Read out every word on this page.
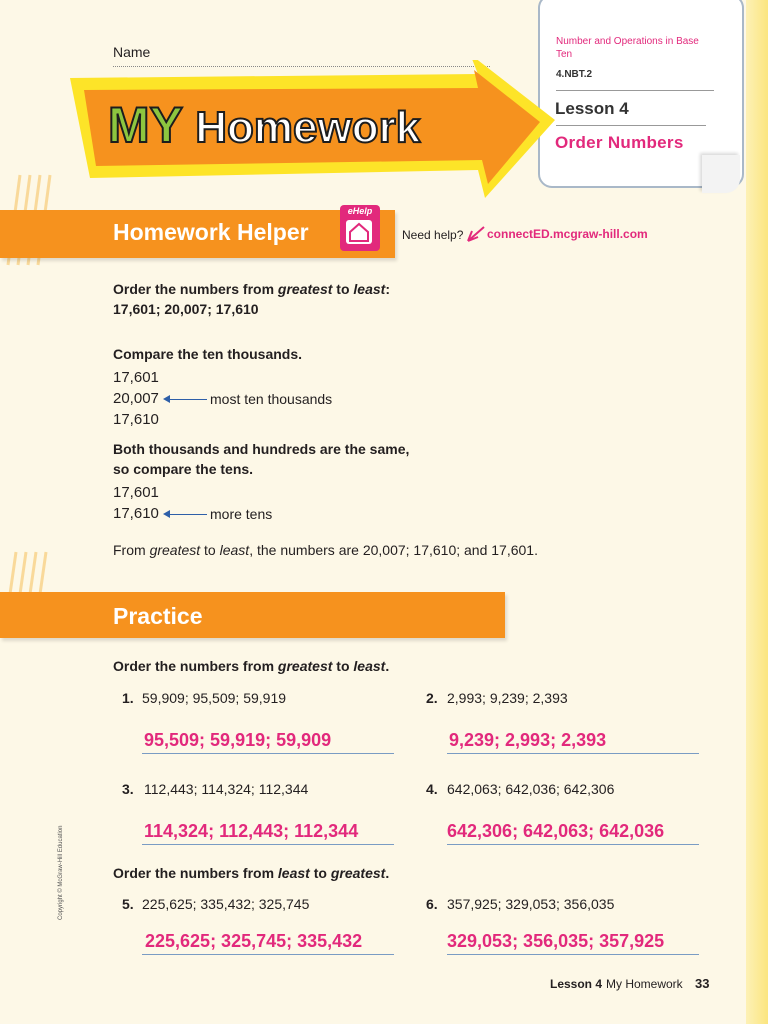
Name
Number and Operations in Base Ten
4.NBT.2
Lesson 4
Order Numbers
MY Homework
Homework Helper
eHelp
Need help? connectED.mcgraw-hill.com
Order the numbers from greatest to least:
17,601; 20,007; 17,610
Compare the ten thousands.
17,601
20,007	most ten thousands
17,610
Both thousands and hundreds are the same,
so compare the tens.
17,601
17,610	more tens
From greatest to least, the numbers are 20,007; 17,610; and 17,601.
Practice
Order the numbers from greatest to least.
1. 59,909; 95,509; 59,919
95,509; 59,919; 59,909
2. 2,993; 9,239; 2,393
9,239; 2,993; 2,393
3. 112,443; 114,324; 112,344
114,324; 112,443; 112,344
4. 642,063; 642,036; 642,306
642,306; 642,063; 642,036
Order the numbers from least to greatest.
5. 225,625; 335,432; 325,745
225,625; 325,745; 335,432
6. 357,925; 329,053; 356,035
329,053; 356,035; 357,925
Copyright © McGraw-Hill Education
Lesson 4 My Homework 33
